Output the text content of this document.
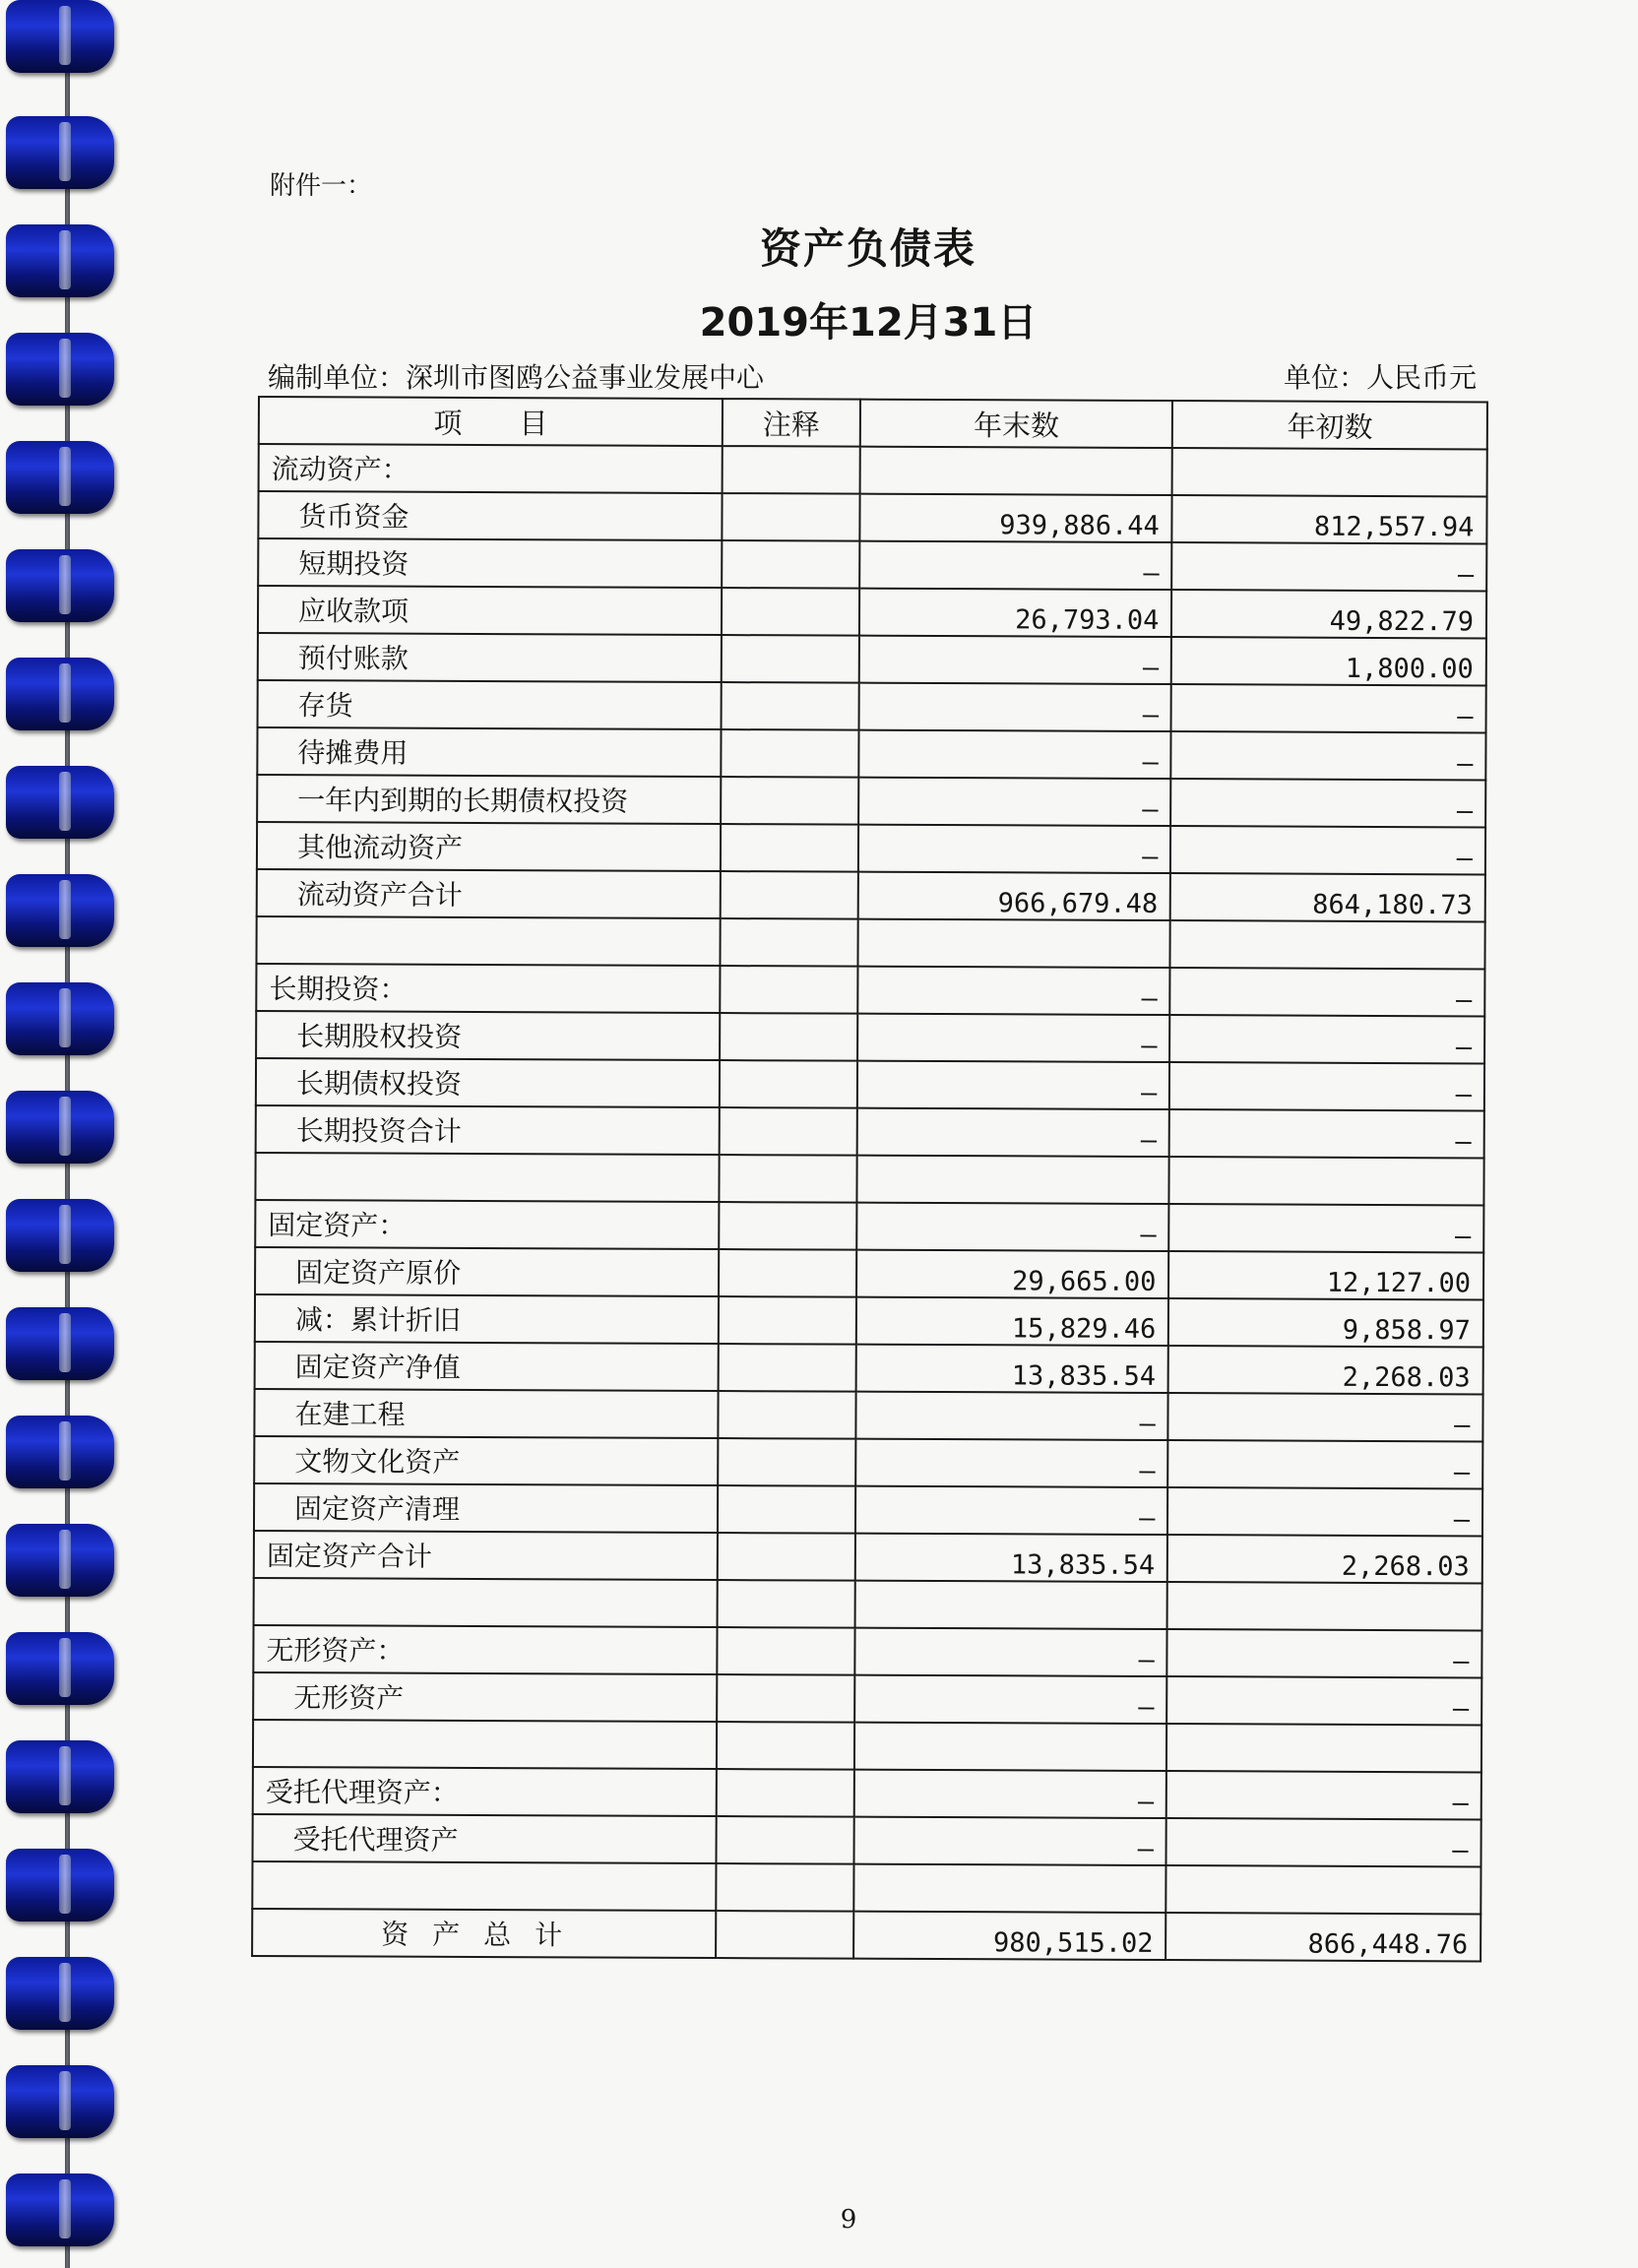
附件一：
资产负债表
2019年12月31日
编制单位：深圳市图鸥公益事业发展中心	单位：人民币元
项　　目	注释	年末数	年初数
流动资产：			
货币资金		939,886.44	812,557.94
短期投资		–	–
应收款项		26,793.04	49,822.79
预付账款		–	1,800.00
存货		–	–
待摊费用		–	–
一年内到期的长期债权投资		–	–
其他流动资产		–	–
流动资产合计		966,679.48	864,180.73

长期投资：		–	–
长期股权投资		–	–
长期债权投资		–	–
长期投资合计		–	–

固定资产：		–	–
固定资产原价		29,665.00	12,127.00
减：累计折旧		15,829.46	9,858.97
固定资产净值		13,835.54	2,268.03
在建工程		–	–
文物文化资产		–	–
固定资产清理		–	–
固定资产合计		13,835.54	2,268.03

无形资产：		–	–
无形资产		–	–

受托代理资产：		–	–
受托代理资产		–	–

资产总计		980,515.02	866,448.76
9
